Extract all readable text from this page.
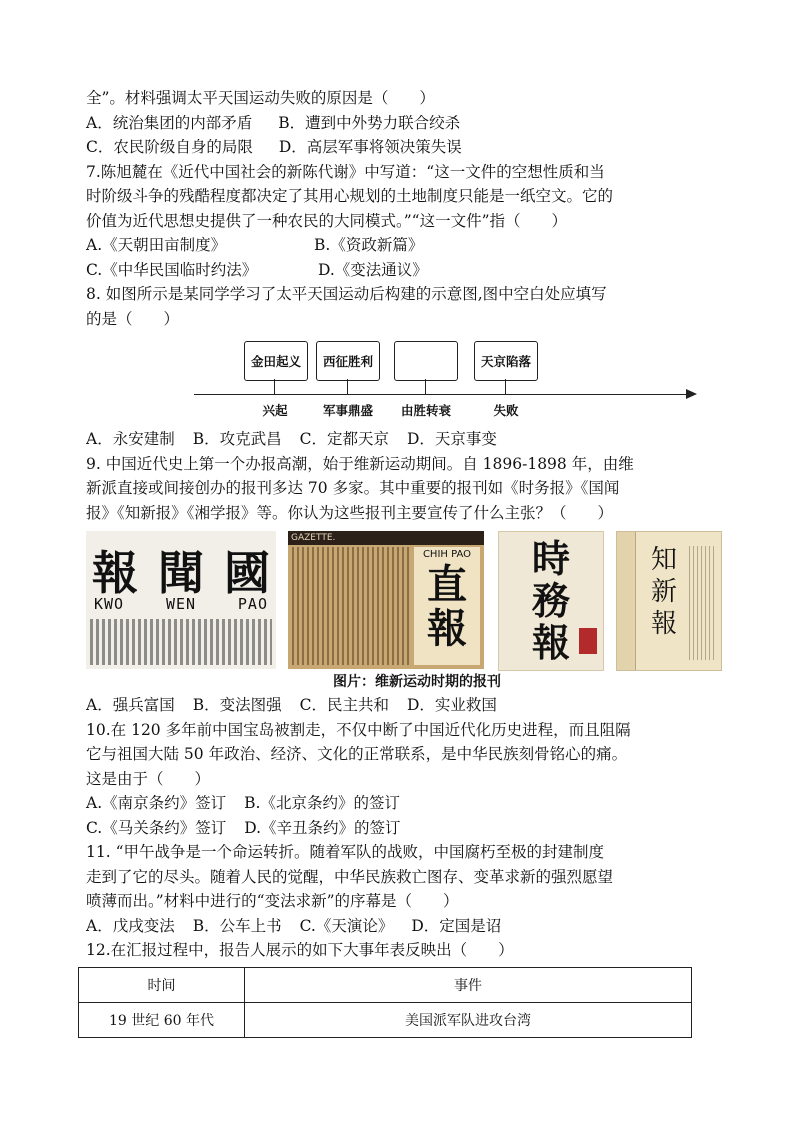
全”。材料强调太平天国运动失败的原因是（　　）
A．统治集团的内部矛盾 B．遭到中外势力联合绞杀
C．农民阶级自身的局限 D．高层军事将领决策失误
7.陈旭麓在《近代中国社会的新陈代谢》中写道：“这一文件的空想性质和当
时阶级斗争的残酷程度都决定了其用心规划的土地制度只能是一纸空文。它的
价值为近代思想史提供了一种农民的大同模式。”“这一文件”指（　　）
A.《天朝田亩制度》	B.《资政新篇》
C.《中华民国临时约法》	D.《变法通议》
8. 如图所示是某同学学习了太平天国运动后构建的示意图,图中空白处应填写
的是（　　）
金田起义	西征胜利	天京陷落
兴起	军事鼎盛 由胜转衰	失败
A．永安建制 B．攻克武昌 C．定都天京 D．天京事变
9. 中国近代史上第一个办报高潮，始于维新运动期间。自 1896-1898 年，由维
新派直接或间接创办的报刊多达 70 多家。其中重要的报刊如《时务报》《国闻
报》《知新报》《湘学报》等。你认为这些报刊主要宣传了什么主张？（　　）
報 聞 國
KWO	WEN	PAO
GAZETTE.
CHIH PAO
直
報
時
務
報
知
新
報
图片：维新运动时期的报刊
A．强兵富国 B．变法图强 C．民主共和 D．实业救国
10.在 120 多年前中国宝岛被割走，不仅中断了中国近代化历史进程，而且阻隔
它与祖国大陆 50 年政治、经济、文化的正常联系，是中华民族刻骨铭心的痛。
这是由于（　　）
A.《南京条约》签订 B.《北京条约》的签订
C.《马关条约》签订 D.《辛丑条约》的签订
11. “甲午战争是一个命运转折。随着军队的战败，中国腐朽至极的封建制度
走到了它的尽头。随着人民的觉醒，中华民族救亡图存、变革求新的强烈愿望
喷薄而出。”材料中进行的“变法求新”的序幕是（　　）
A．戊戌变法 B．公车上书 C.《天演论》 D．定国是诏
12.在汇报过程中，报告人展示的如下大事年表反映出（　　）
时间	事件
19 世纪 60 年代	美国派军队进攻台湾
